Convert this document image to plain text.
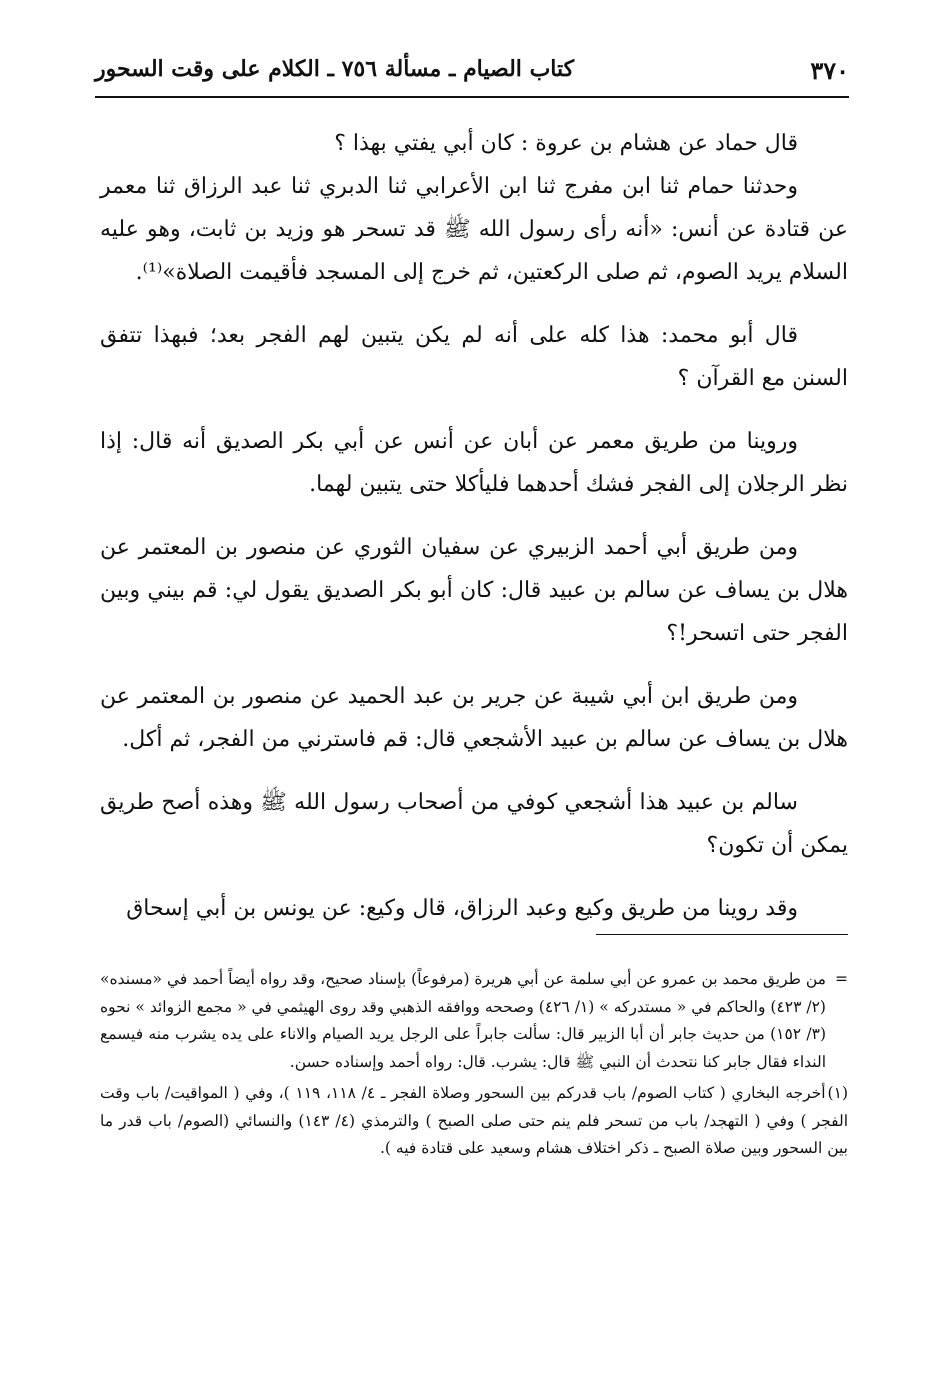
٣٧٠
كتاب الصيام ـ مسألة ٧٥٦ ـ الكلام على وقت السحور

قال حماد عن هشام بن عروة : كان أبي يفتي بهذا ؟

وحدثنا حمام ثنا ابن مفرج ثنا ابن الأعرابي ثنا الدبري ثنا عبد الرزاق ثنا معمر عن قتادة عن أنس: «أنه رأى رسول الله ﷺ قد تسحر هو وزيد بن ثابت، وهو عليه السلام يريد الصوم، ثم صلى الركعتين، ثم خرج إلى المسجد فأقيمت الصلاة»⁽¹⁾.

قال أبو محمد: هذا كله على أنه لم يكن يتبين لهم الفجر بعد؛ فبهذا تتفق السنن مع القرآن ؟

وروينا من طريق معمر عن أبان عن أنس عن أبي بكر الصديق أنه قال: إذا نظر الرجلان إلى الفجر فشك أحدهما فليأكلا حتى يتبين لهما.

ومن طريق أبي أحمد الزبيري عن سفيان الثوري عن منصور بن المعتمر عن هلال بن يساف عن سالم بن عبيد قال: كان أبو بكر الصديق يقول لي: قم بيني وبين الفجر حتى اتسحر!؟

ومن طريق ابن أبي شيبة عن جرير بن عبد الحميد عن منصور بن المعتمر عن هلال بن يساف عن سالم بن عبيد الأشجعي قال: قم فاسترني من الفجر، ثم أكل.

سالم بن عبيد هذا أشجعي كوفي من أصحاب رسول الله ﷺ وهذه أصح طريق يمكن أن تكون؟

وقد روينا من طريق وكيع وعبد الرزاق، قال وكيع: عن يونس بن أبي إسحاق

=
من طريق محمد بن عمرو عن أبي سلمة عن أبي هريرة (مرفوعاً) بإسناد صحيح، وقد رواه أيضاً أحمد في «مسنده» (٢/ ٤٢٣) والحاكم في « مستدركه » (١/ ٤٢٦) وصححه ووافقه الذهبي وقد روى الهيثمي في « مجمع الزوائد » نحوه (٣/ ١٥٢) من حديث جابر أن أبا الزبير قال: سألت جابراً على الرجل يريد الصيام والاناء على يده يشرب منه فيسمع النداء فقال جابر كنا نتحدث أن النبي ﷺ قال: يشرب. قال: رواه أحمد وإسناده حسن.

(١)أخرجه البخاري ( كتاب الصوم/ باب قدركم بين السحور وصلاة الفجر ـ ٤/ ١١٨، ١١٩ )، وفي ( المواقيت/ باب وقت الفجر ) وفي ( التهجد/ باب من تسحر فلم ينم حتى صلى الصبح ) والترمذي (٤/ ١٤٣) والنسائي (الصوم/ باب قدر ما بين السحور وبين صلاة الصبح ـ ذكر اختلاف هشام وسعيد على قتادة فيه ).
